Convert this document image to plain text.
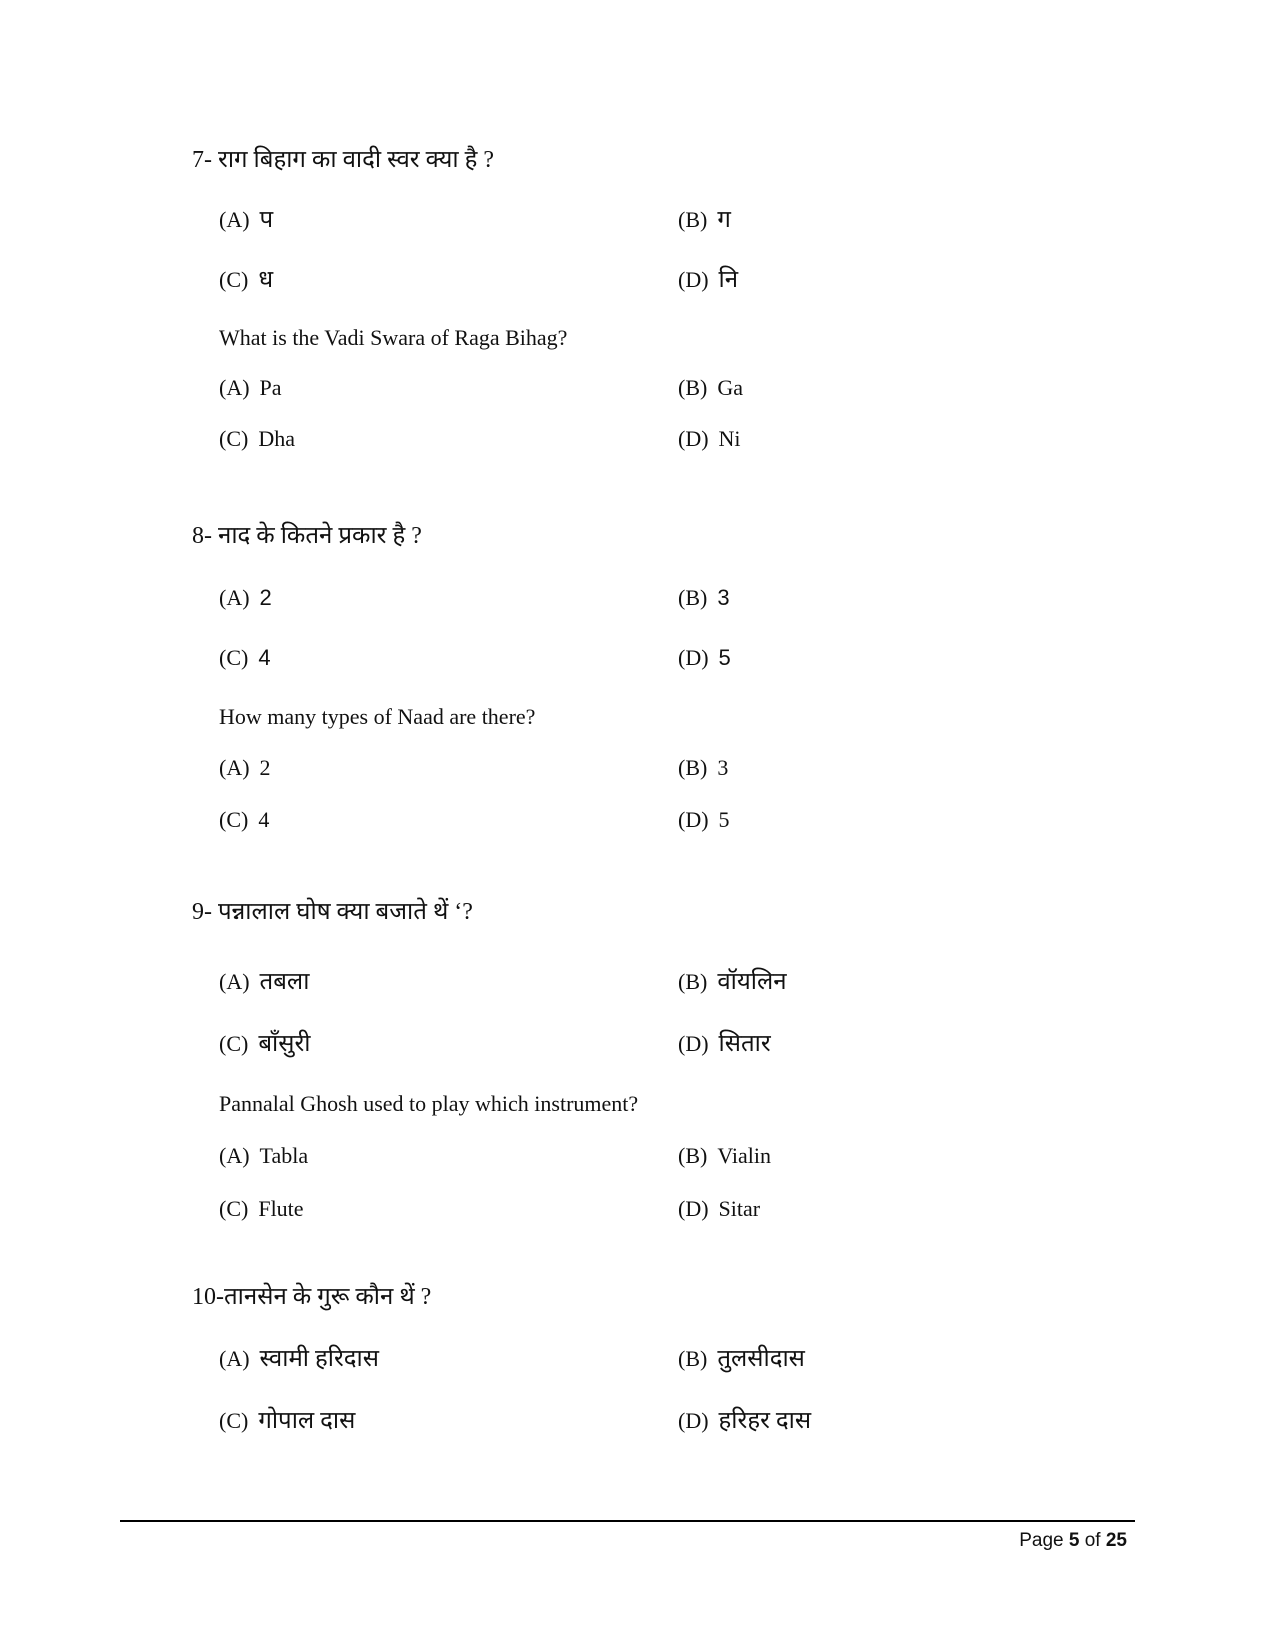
7- राग बिहाग का वादी स्वर क्या है ?
(A) प	(B) ग
(C) ध	(D) नि
What is the Vadi Swara of Raga Bihag?
(A) Pa	(B) Ga
(C) Dha	(D) Ni
8- नाद के कितने प्रकार है ?
(A) 2	(B) 3
(C) 4	(D) 5
How many types of Naad are there?
(A) 2	(B) 3
(C) 4	(D) 5
9- पन्नालाल घोष क्या बजाते थें ‘?
(A) तबला	(B) वॉयलिन
(C) बाँसुरी	(D) सितार
Pannalal Ghosh used to play which instrument?
(A) Tabla	(B) Vialin
(C) Flute	(D) Sitar
10-तानसेन के गुरू कौन थें ?
(A) स्वामी हरिदास	(B) तुलसीदास
(C) गोपाल दास	(D) हरिहर दास
Page 5 of 25
